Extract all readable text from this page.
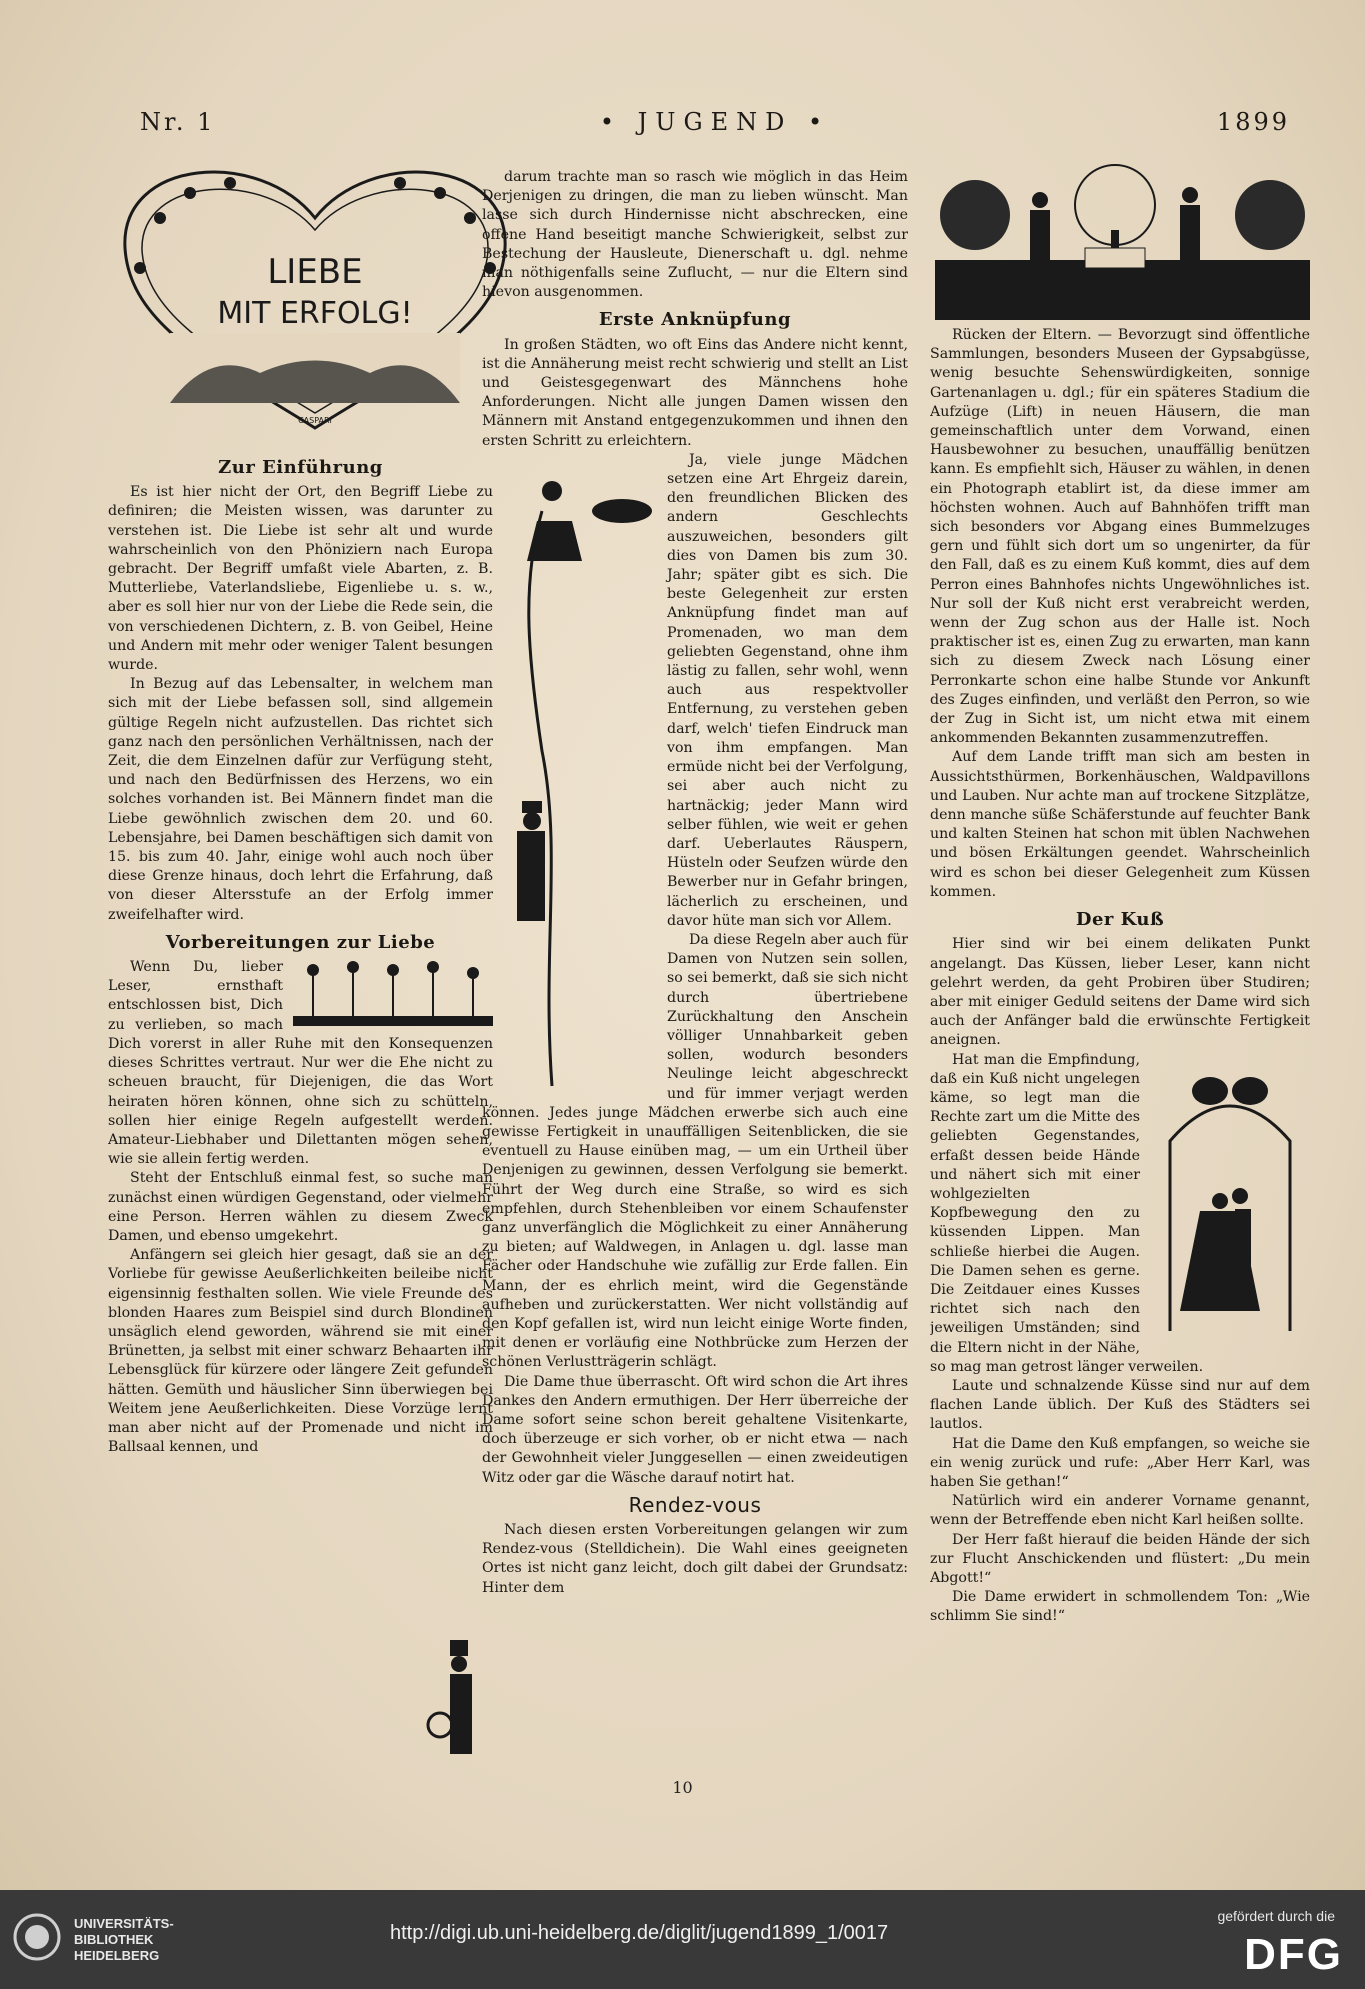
Nr. 1	• JUGEND •	1899
LIEBE
MIT ERFOLG!
CASPARI
Zur Einführung

Es ist hier nicht der Ort, den Begriff Liebe zu definiren; die Meisten wissen, was darunter zu verstehen ist. Die Liebe ist sehr alt und wurde wahrscheinlich von den Phöniziern nach Europa gebracht. Der Begriff umfaßt viele Abarten, z. B. Mutterliebe, Vaterlandsliebe, Eigenliebe u. s. w., aber es soll hier nur von der Liebe die Rede sein, die von verschiedenen Dichtern, z. B. von Geibel, Heine und Andern mit mehr oder weniger Talent besungen wurde.

In Bezug auf das Lebensalter, in welchem man sich mit der Liebe befassen soll, sind allgemein gültige Regeln nicht aufzustellen. Das richtet sich ganz nach den persönlichen Verhältnissen, nach der Zeit, die dem Einzelnen dafür zur Verfügung steht, und nach den Bedürfnissen des Herzens, wo ein solches vorhanden ist. Bei Männern findet man die Liebe gewöhnlich zwischen dem 20. und 60. Lebensjahre, bei Damen beschäftigen sich damit von 15. bis zum 40. Jahr, einige wohl auch noch über diese Grenze hinaus, doch lehrt die Erfahrung, daß von dieser Altersstufe an der Erfolg immer zweifelhafter wird.

Vorbereitungen zur Liebe

Wenn Du, lieber Leser, ernsthaft entschlossen bist, Dich zu verlieben, so mach Dich vorerst in aller Ruhe mit den Konsequenzen dieses Schrittes vertraut. Nur wer die Ehe nicht zu scheuen braucht, für Diejenigen, die das Wort heiraten hören können, ohne sich zu schütteln, sollen hier einige Regeln aufgestellt werden. Amateur-Liebhaber und Dilettanten mögen sehen, wie sie allein fertig werden.

Steht der Entschluß einmal fest, so suche man zunächst einen würdigen Gegenstand, oder vielmehr eine Person. Herren wählen zu diesem Zweck Damen, und ebenso umgekehrt.

Anfängern sei gleich hier gesagt, daß sie an der Vorliebe für gewisse Aeußerlichkeiten beileibe nicht eigensinnig festhalten sollen. Wie viele Freunde des blonden Haares zum Beispiel sind durch Blondinen unsäglich elend geworden, während sie mit einer Brünetten, ja selbst mit einer schwarz Behaarten ihr Lebensglück für kürzere oder längere Zeit gefunden hätten. Gemüth und häuslicher Sinn überwiegen bei Weitem jene Aeußerlichkeiten. Diese Vorzüge lernt man aber nicht auf der Promenade und nicht im Ballsaal kennen, und

darum trachte man so rasch wie möglich in das Heim Derjenigen zu dringen, die man zu lieben wünscht. Man lasse sich durch Hindernisse nicht abschrecken, eine offene Hand beseitigt manche Schwierigkeit, selbst zur Bestechung der Hausleute, Dienerschaft u. dgl. nehme man nöthigenfalls seine Zuflucht, — nur die Eltern sind hievon ausgenommen.

Erste Anknüpfung

In großen Städten, wo oft Eins das Andere nicht kennt, ist die Annäherung meist recht schwierig und stellt an List und Geistesgegenwart des Männchens hohe Anforderungen. Nicht alle jungen Damen wissen den Männern mit Anstand entgegenzukommen und ihnen den ersten Schritt zu erleichtern.

Ja, viele junge Mädchen setzen eine Art Ehrgeiz darein, den freundlichen Blicken des andern Geschlechts auszuweichen, besonders gilt dies von Damen bis zum 30. Jahr; später gibt es sich. Die beste Gelegenheit zur ersten Anknüpfung findet man auf Promenaden, wo man dem geliebten Gegenstand, ohne ihm lästig zu fallen, sehr wohl, wenn auch aus respektvoller Entfernung, zu verstehen geben darf, welch' tiefen Eindruck man von ihm empfangen. Man ermüde nicht bei der Verfolgung, sei aber auch nicht zu hartnäckig; jeder Mann wird selber fühlen, wie weit er gehen darf. Ueberlautes Räuspern, Hüsteln oder Seufzen würde den Bewerber nur in Gefahr bringen, lächerlich zu erscheinen, und davor hüte man sich vor Allem.

Da diese Regeln aber auch für Damen von Nutzen sein sollen, so sei bemerkt, daß sie sich nicht durch übertriebene Zurückhaltung den Anschein völliger Unnahbarkeit geben sollen, wodurch besonders Neulinge leicht abgeschreckt und für immer verjagt werden können. Jedes junge Mädchen erwerbe sich auch eine gewisse Fertigkeit in unauffälligen Seitenblicken, die sie eventuell zu Hause einüben mag, — um ein Urtheil über Denjenigen zu gewinnen, dessen Verfolgung sie bemerkt. Führt der Weg durch eine Straße, so wird es sich empfehlen, durch Stehenbleiben vor einem Schaufenster ganz unverfänglich die Möglichkeit zu einer Annäherung zu bieten; auf Waldwegen, in Anlagen u. dgl. lasse man Fächer oder Handschuhe wie zufällig zur Erde fallen. Ein Mann, der es ehrlich meint, wird die Gegenstände aufheben und zurückerstatten. Wer nicht vollständig auf den Kopf gefallen ist, wird nun leicht einige Worte finden, mit denen er vorläufig eine Nothbrücke zum Herzen der schönen Verlustträgerin schlägt.

Die Dame thue überrascht. Oft wird schon die Art ihres Dankes den Andern ermuthigen. Der Herr überreiche der Dame sofort seine schon bereit gehaltene Visitenkarte, doch überzeuge er sich vorher, ob er nicht etwa — nach der Gewohnheit vieler Junggesellen — einen zweideutigen Witz oder gar die Wäsche darauf notirt hat.

Rendez-vous

Nach diesen ersten Vorbereitungen gelangen wir zum Rendez-vous (Stelldichein). Die Wahl eines geeigneten Ortes ist nicht ganz leicht, doch gilt dabei der Grundsatz: Hinter dem

Rücken der Eltern. — Bevorzugt sind öffentliche Sammlungen, besonders Museen der Gypsabgüsse, wenig besuchte Sehenswürdigkeiten, sonnige Gartenanlagen u. dgl.; für ein späteres Stadium die Aufzüge (Lift) in neuen Häusern, die man gemeinschaftlich unter dem Vorwand, einen Hausbewohner zu besuchen, unauffällig benützen kann. Es empfiehlt sich, Häuser zu wählen, in denen ein Photograph etablirt ist, da diese immer am höchsten wohnen. Auch auf Bahnhöfen trifft man sich besonders vor Abgang eines Bummelzuges gern und fühlt sich dort um so ungenirter, da für den Fall, daß es zu einem Kuß kommt, dies auf dem Perron eines Bahnhofes nichts Ungewöhnliches ist. Nur soll der Kuß nicht erst verabreicht werden, wenn der Zug schon aus der Halle ist. Noch praktischer ist es, einen Zug zu erwarten, man kann sich zu diesem Zweck nach Lösung einer Perronkarte schon eine halbe Stunde vor Ankunft des Zuges einfinden, und verläßt den Perron, so wie der Zug in Sicht ist, um nicht etwa mit einem ankommenden Bekannten zusammenzutreffen.

Auf dem Lande trifft man sich am besten in Aussichtsthürmen, Borkenhäuschen, Waldpavillons und Lauben. Nur achte man auf trockene Sitzplätze, denn manche süße Schäferstunde auf feuchter Bank und kalten Steinen hat schon mit üblen Nachwehen und bösen Erkältungen geendet. Wahrscheinlich wird es schon bei dieser Gelegenheit zum Küssen kommen.

Der Kuß

Hier sind wir bei einem delikaten Punkt angelangt. Das Küssen, lieber Leser, kann nicht gelehrt werden, da geht Probiren über Studiren; aber mit einiger Geduld seitens der Dame wird sich auch der Anfänger bald die erwünschte Fertigkeit aneignen.

Hat man die Empfindung, daß ein Kuß nicht ungelegen käme, so legt man die Rechte zart um die Mitte des geliebten Gegenstandes, erfaßt dessen beide Hände und nähert sich mit einer wohlgezielten Kopfbewegung den zu küssenden Lippen. Man schließe hierbei die Augen. Die Damen sehen es gerne. Die Zeitdauer eines Kusses richtet sich nach den jeweiligen Umständen; sind die Eltern nicht in der Nähe, so mag man getrost länger verweilen.

Laute und schnalzende Küsse sind nur auf dem flachen Lande üblich. Der Kuß des Städters sei lautlos.

Hat die Dame den Kuß empfangen, so weiche sie ein wenig zurück und rufe: „Aber Herr Karl, was haben Sie gethan!“

Natürlich wird ein anderer Vorname genannt, wenn der Betreffende eben nicht Karl heißen sollte.

Der Herr faßt hierauf die beiden Hände der sich zur Flucht Anschickenden und flüstert: „Du mein Abgott!“

Die Dame erwidert in schmollendem Ton: „Wie schlimm Sie sind!“

10
UNIVERSITÄTS-
BIBLIOTHEK
HEIDELBERG
http://digi.ub.uni-heidelberg.de/diglit/jugend1899_1/0017
gefördert durch die
DFG
